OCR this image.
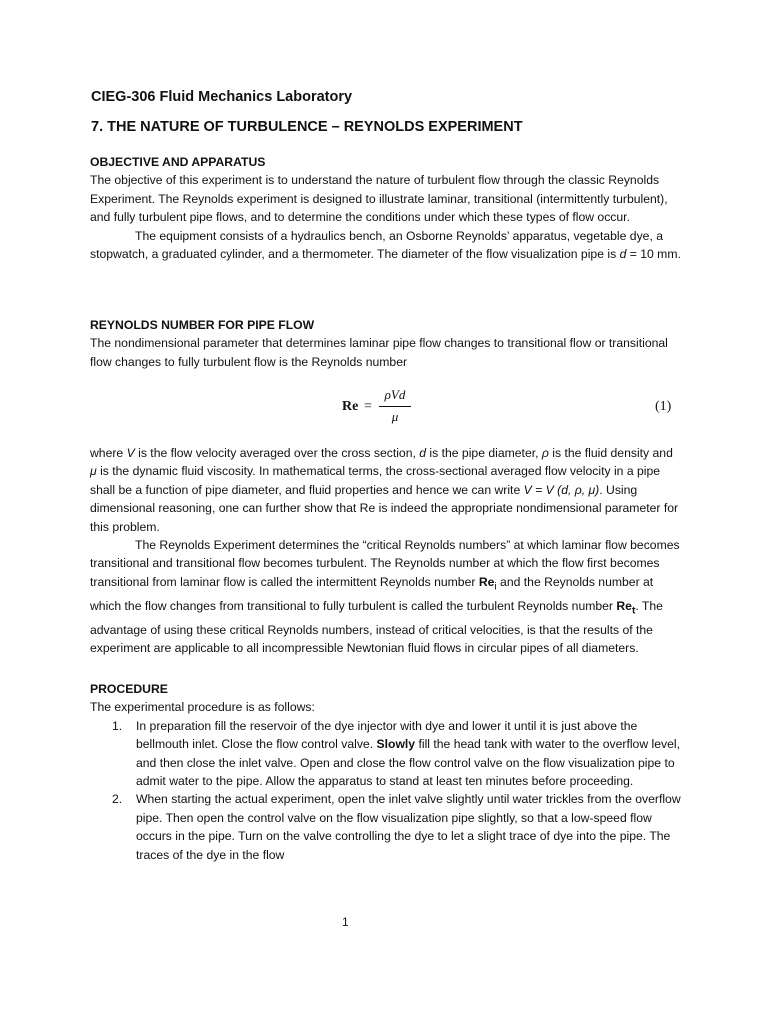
CIEG-306 Fluid Mechanics Laboratory
7. THE NATURE OF TURBULENCE – REYNOLDS EXPERIMENT

OBJECTIVE AND APPARATUS

The objective of this experiment is to understand the nature of turbulent flow through the classic Reynolds Experiment. The Reynolds experiment is designed to illustrate laminar, transitional (intermittently turbulent), and fully turbulent pipe flows, and to determine the conditions under which these types of flow occur.

The equipment consists of a hydraulics bench, an Osborne Reynolds’ apparatus, vegetable dye, a stopwatch, a graduated cylinder, and a thermometer. The diameter of the flow visualization pipe is d = 10 mm.

REYNOLDS NUMBER FOR PIPE FLOW

The nondimensional parameter that determines laminar pipe flow changes to transitional flow or transitional flow changes to fully turbulent flow is the Reynolds number

Re =
ρVd
μ
(1)

where V is the flow velocity averaged over the cross section, d is the pipe diameter, ρ is the fluid density and μ is the dynamic fluid viscosity. In mathematical terms, the cross-sectional averaged flow velocity in a pipe shall be a function of pipe diameter, and fluid properties and hence we can write V = V (d, ρ, μ). Using dimensional reasoning, one can further show that Re is indeed the appropriate nondimensional parameter for this problem.

The Reynolds Experiment determines the “critical Reynolds numbers” at which laminar flow becomes transitional and transitional flow becomes turbulent. The Reynolds number at which the flow first becomes transitional from laminar flow is called the intermittent Reynolds number $Re_i$ and the Reynolds number at which the flow changes from transitional to fully turbulent is called the turbulent Reynolds number $Re_t$. The advantage of using these critical Reynolds numbers, instead of critical velocities, is that the results of the experiment are applicable to all incompressible Newtonian fluid flows in circular pipes of all diameters.

PROCEDURE

The experimental procedure is as follows:

1. In preparation fill the reservoir of the dye injector with dye and lower it until it is just above the bellmouth inlet. Close the flow control valve. Slowly fill the head tank with water to the overflow level, and then close the inlet valve. Open and close the flow control valve on the flow visualization pipe to admit water to the pipe. Allow the apparatus to stand at least ten minutes before proceeding.
2. When starting the actual experiment, open the inlet valve slightly until water trickles from the overflow pipe. Then open the control valve on the flow visualization pipe slightly, so that a low-speed flow occurs in the pipe. Turn on the valve controlling the dye to let a slight trace of dye into the pipe. The traces of the dye in the flow
1
